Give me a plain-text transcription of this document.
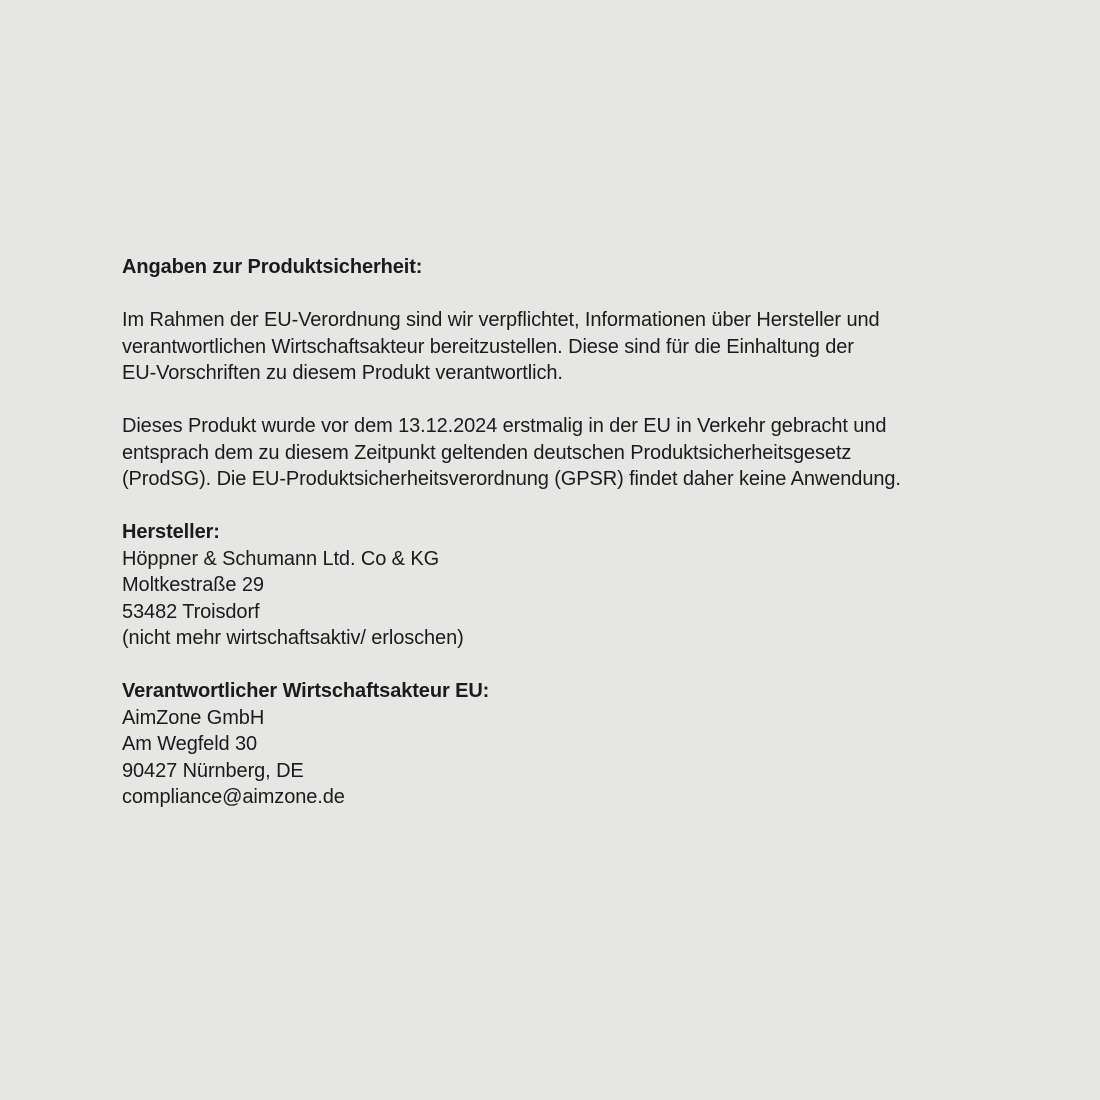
Angaben zur Produktsicherheit:

Im Rahmen der EU-Verordnung sind wir verpflichtet, Informationen über Hersteller und
verantwortlichen Wirtschaftsakteur bereitzustellen. Diese sind für die Einhaltung der
EU-Vorschriften zu diesem Produkt verantwortlich.

Dieses Produkt wurde vor dem 13.12.2024 erstmalig in der EU in Verkehr gebracht und
entsprach dem zu diesem Zeitpunkt geltenden deutschen Produktsicherheitsgesetz
(ProdSG). Die EU-Produktsicherheitsverordnung (GPSR) findet daher keine Anwendung.

Hersteller:
Höppner & Schumann Ltd. Co & KG
Moltkestraße 29
53482 Troisdorf
(nicht mehr wirtschaftsaktiv/ erloschen)

Verantwortlicher Wirtschaftsakteur EU:
AimZone GmbH
Am Wegfeld 30
90427 Nürnberg, DE
compliance@aimzone.de
